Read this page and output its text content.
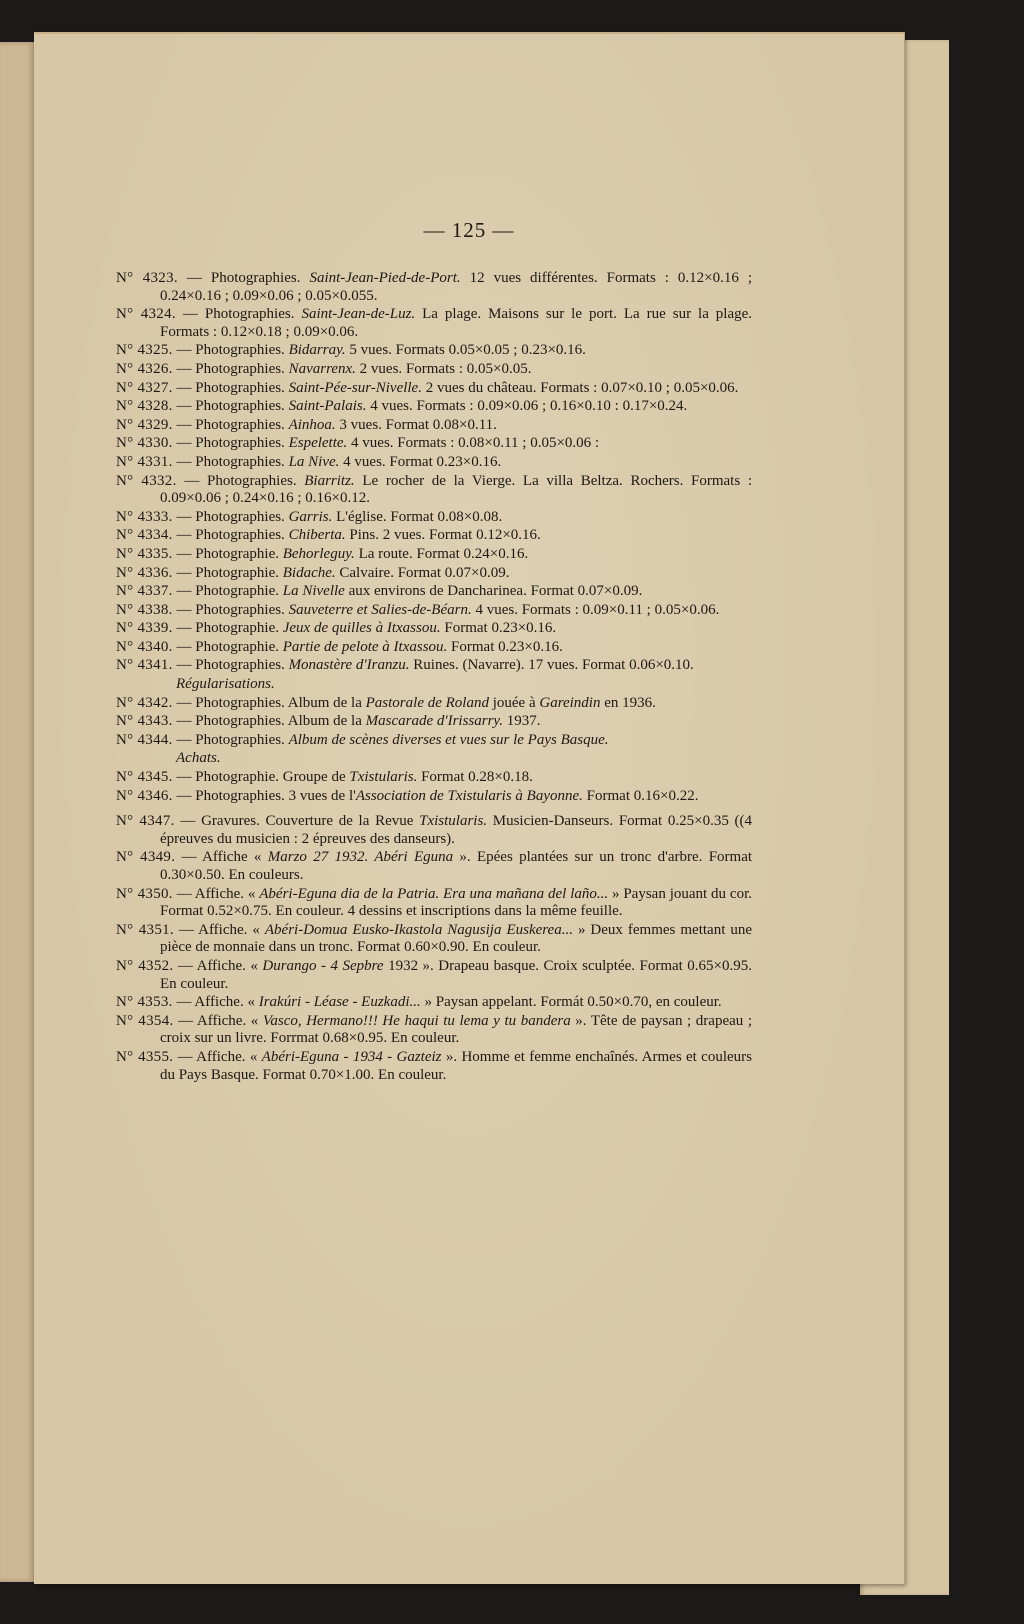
— 125 —
N° 4323. — Photographies. Saint-Jean-Pied-de-Port. 12 vues différentes. Formats : 0.12×0.16 ; 0.24×0.16 ; 0.09×0.06 ; 0.05×0.055.
N° 4324. — Photographies. Saint-Jean-de-Luz. La plage. Maisons sur le port. La rue sur la plage. Formats : 0.12×0.18 ; 0.09×0.06.
N° 4325. — Photographies. Bidarray. 5 vues. Formats 0.05×0.05 ; 0.23×0.16.
N° 4326. — Photographies. Navarrenx. 2 vues. Formats : 0.05×0.05.
N° 4327. — Photographies. Saint-Pée-sur-Nivelle. 2 vues du château. Formats : 0.07×0.10 ; 0.05×0.06.
N° 4328. — Photographies. Saint-Palais. 4 vues. Formats : 0.09×0.06 ; 0.16×0.10 : 0.17×0.24.
N° 4329. — Photographies. Ainhoa. 3 vues. Format 0.08×0.11.
N° 4330. — Photographies. Espelette. 4 vues. Formats : 0.08×0.11 ; 0.05×0.06 :
N° 4331. — Photographies. La Nive. 4 vues. Format 0.23×0.16.
N° 4332. — Photographies. Biarritz. Le rocher de la Vierge. La villa Beltza. Rochers. Formats : 0.09×0.06 ; 0.24×0.16 ; 0.16×0.12.
N° 4333. — Photographies. Garris. L'église. Format 0.08×0.08.
N° 4334. — Photographies. Chiberta. Pins. 2 vues. Format 0.12×0.16.
N° 4335. — Photographie. Behorleguy. La route. Format 0.24×0.16.
N° 4336. — Photographie. Bidache. Calvaire. Format 0.07×0.09.
N° 4337. — Photographie. La Nivelle aux environs de Dancharinea. Format 0.07×0.09.
N° 4338. — Photographies. Sauveterre et Salies-de-Béarn. 4 vues. Formats : 0.09×0.11 ; 0.05×0.06.
N° 4339. — Photographie. Jeux de quilles à Itxassou. Format 0.23×0.16.
N° 4340. — Photographie. Partie de pelote à Itxassou. Format 0.23×0.16.
N° 4341. — Photographies. Monastère d'Iranzu. Ruines. (Navarre). 17 vues. Format 0.06×0.10.
Régularisations.
N° 4342. — Photographies. Album de la Pastorale de Roland jouée à Gareindin en 1936.
N° 4343. — Photographies. Album de la Mascarade d'Irissarry. 1937.
N° 4344. — Photographies. Album de scènes diverses et vues sur le Pays Basque.
Achats.
N° 4345. — Photographie. Groupe de Txistularis. Format 0.28×0.18.
N° 4346. — Photographies. 3 vues de l'Association de Txistularis à Bayonne. Format 0.16×0.22.
N° 4347. — Gravures. Couverture de la Revue Txistularis. Musicien-Danseurs. Format 0.25×0.35 ((4 épreuves du musicien : 2 épreuves des danseurs).
N° 4349. — Affiche « Marzo 27 1932. Abéri Eguna ». Epées plantées sur un tronc d'arbre. Format 0.30×0.50. En couleurs.
N° 4350. — Affiche. « Abéri-Eguna dia de la Patria. Era una mañana del laño... » Paysan jouant du cor. Format 0.52×0.75. En couleur. 4 dessins et inscriptions dans la même feuille.
N° 4351. — Affiche. « Abéri-Domua Eusko-Ikastola Nagusija Euskerea... » Deux femmes mettant une pièce de monnaie dans un tronc. Format 0.60×0.90. En couleur.
N° 4352. — Affiche. « Durango - 4 Sepbre 1932 ». Drapeau basque. Croix sculptée. Format 0.65×0.95. En couleur.
N° 4353. — Affiche. « Irakúri - Léase - Euzkadi... » Paysan appelant. Formát 0.50×0.70, en couleur.
N° 4354. — Affiche. « Vasco, Hermano!!! He haqui tu lema y tu bandera ». Tête de paysan ; drapeau ; croix sur un livre. Forrmat 0.68×0.95. En couleur.
N° 4355. — Affiche. « Abéri-Eguna - 1934 - Gazteiz ». Homme et femme enchaînés. Armes et couleurs du Pays Basque. Format 0.70×1.00. En couleur.
